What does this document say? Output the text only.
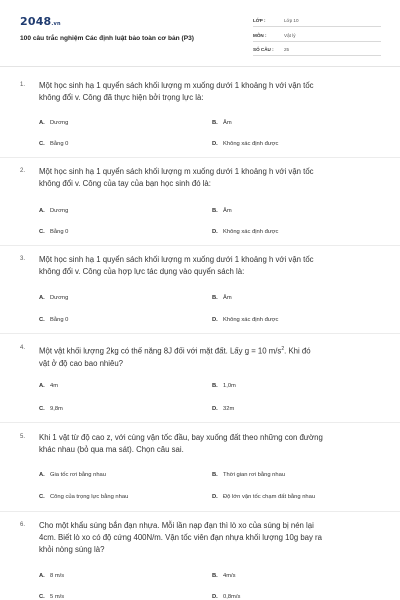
2048.vn
100 câu trắc nghiệm Các định luật bảo toàn cơ bản (P3)
LỚP :	Lớp 10
MÔN :	Vật lý
SỐ CÂU : 25
1. Một học sinh hạ 1 quyển sách khối lượng m xuống dưới 1 khoảng h với vận tốc
không đổi v. Công đã thực hiện bởi trọng lực là:
A. Dương	B. Âm
C. Bằng 0	D. Không xác định được
2. Một học sinh hạ 1 quyển sách khối lượng m xuống dưới 1 khoảng h với vận tốc
không đổi v. Công của tay của bạn học sinh đó là:
A. Dương	B. Âm
C. Bằng 0	D. Không xác định được
3. Một học sinh hạ 1 quyển sách khối lượng m xuống dưới 1 khoảng h với vận tốc
không đổi v. Công của hợp lực tác dụng vào quyển sách là:
A. Dương	B. Âm
C. Bằng 0	D. Không xác định được
4. Một vật khối lượng 2kg có thế năng 8J đối với mặt đất. Lấy g = 10 $m/s^2$. Khi đó
vật ở độ cao bao nhiêu?
A. 4m	B. 1,0m
C. 9,8m	D. 32m
5. Khi 1 vật từ độ cao z, với cùng vận tốc đầu, bay xuống đất theo những con đường
khác nhau (bỏ qua ma sát). Chọn câu sai.
A. Gia tốc rơi bằng nhau	B. Thời gian rơi bằng nhau
C. Công của trọng lực bằng nhau	D. Độ lớn vận tốc chạm đất bằng nhau
6. Cho một khẩu súng bắn đạn nhựa. Mỗi lần nạp đạn thì lò xo của súng bị nén lại
4cm. Biết lò xo có độ cứng 400N/m. Vận tốc viên đạn nhựa khối lượng 10g bay ra
khỏi nòng súng là?
A. 8 m/s	B. 4m/s
C. 5 m/s	D. 0,8m/s
